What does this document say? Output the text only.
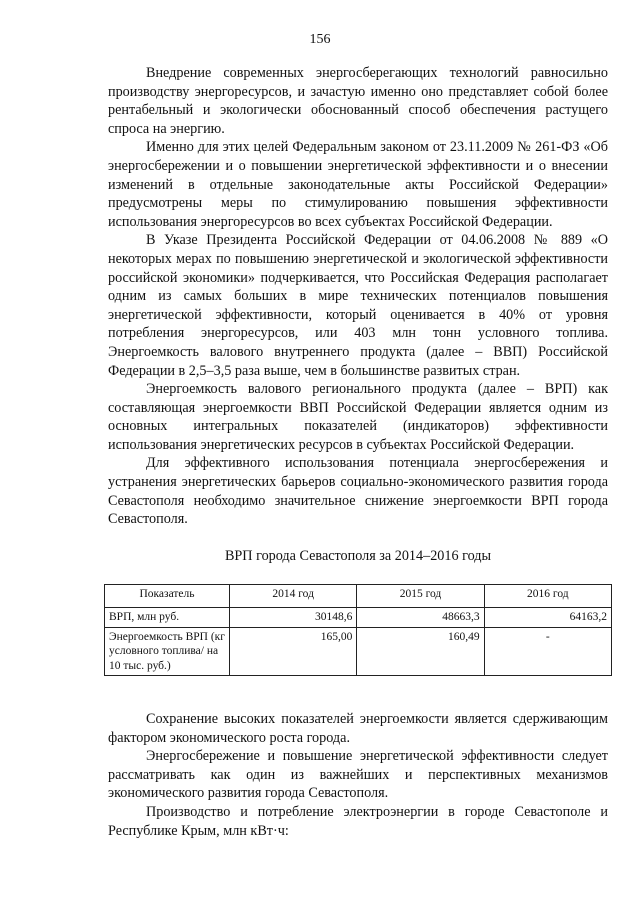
156

Внедрение современных энергосберегающих технологий равносильно производству энергоресурсов, и зачастую именно оно представляет собой более рентабельный и экологически обоснованный способ обеспечения растущего спроса на энергию.

Именно для этих целей Федеральным законом от 23.11.2009 № 261-ФЗ «Об энергосбережении и о повышении энергетической эффективности и о внесении изменений в отдельные законодательные акты Российской Федерации» предусмотрены меры по стимулированию повышения эффективности использования энергоресурсов во всех субъектах Российской Федерации.

В Указе Президента Российской Федерации от 04.06.2008 № 889 «О некоторых мерах по повышению энергетической и экологической эффективности российской экономики» подчеркивается, что Российская Федерация располагает одним из самых больших в мире технических потенциалов повышения энергетической эффективности, который оценивается в 40% от уровня потребления энергоресурсов, или 403 млн тонн условного топлива. Энергоемкость валового внутреннего продукта (далее – ВВП) Российской Федерации в 2,5–3,5 раза выше, чем в большинстве развитых стран.

Энергоемкость валового регионального продукта (далее – ВРП) как составляющая энергоемкости ВВП Российской Федерации является одним из основных интегральных показателей (индикаторов) эффективности использования энергетических ресурсов в субъектах Российской Федерации.

Для эффективного использования потенциала энергосбережения и устранения энергетических барьеров социально-экономического развития города Севастополя необходимо значительное снижение энергоемкости ВРП города Севастополя.

ВРП города Севастополя за 2014–2016 годы
Показатель	2014 год	2015 год	2016 год
ВРП, млн руб.	30148,6	48663,3	64163,2
Энергоемкость ВРП (кг условного топлива/ на 10 тыс. руб.)	165,00	160,49	-

Сохранение высоких показателей энергоемкости является сдерживающим фактором экономического роста города.

Энергосбережение и повышение энергетической эффективности следует рассматривать как один из важнейших и перспективных механизмов экономического развития города Севастополя.

Производство и потребление электроэнергии в городе Севастополе и Республике Крым, млн кВт·ч:
